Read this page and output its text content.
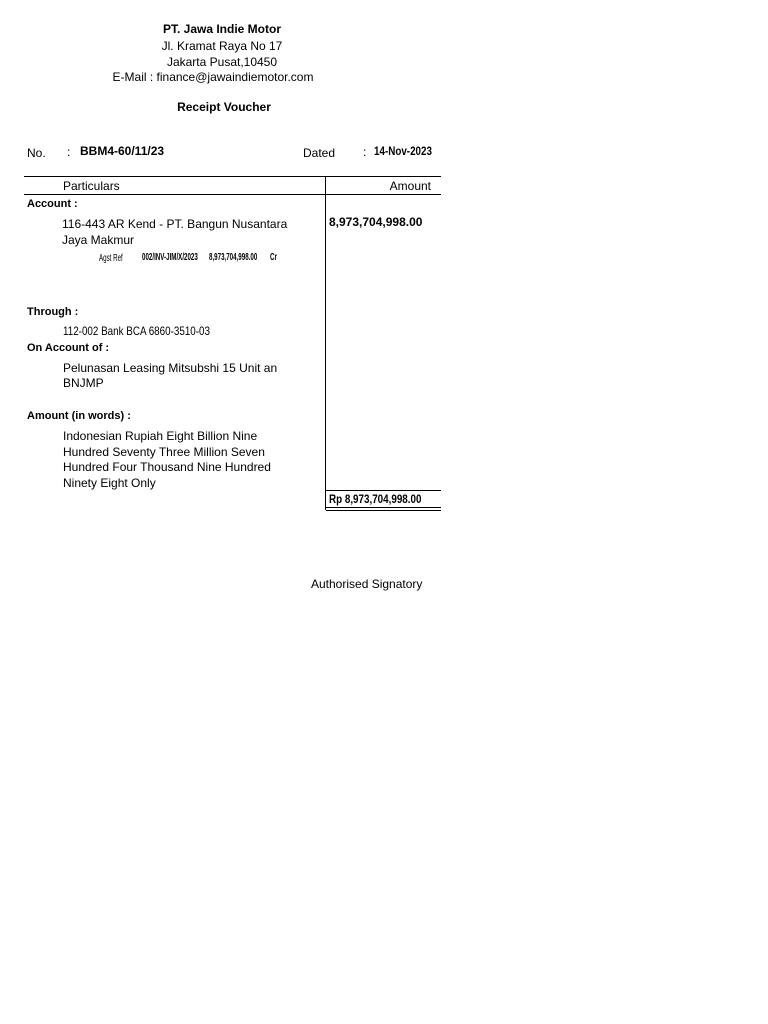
PT. Jawa Indie Motor
Jl. Kramat Raya No 17
Jakarta Pusat,10450
E-Mail : finance@jawaindiemotor.com
Receipt Voucher
No. : BBM4-60/11/23	Dated : 14-Nov-2023
Particulars	Amount
Account :
116-443 AR Kend - PT. Bangun Nusantara
Jaya Makmur
8,973,704,998.00
Agst Ref	002/INV-JIM/X/2023	8,973,704,998.00	Cr
Through :
112-002 Bank BCA 6860-3510-03
On Account of :
Pelunasan Leasing Mitsubshi 15 Unit an
BNJMP
Amount (in words) :
Indonesian Rupiah Eight Billion Nine
Hundred Seventy Three Million Seven
Hundred Four Thousand Nine Hundred
Ninety Eight Only
Rp 8,973,704,998.00
Authorised Signatory
